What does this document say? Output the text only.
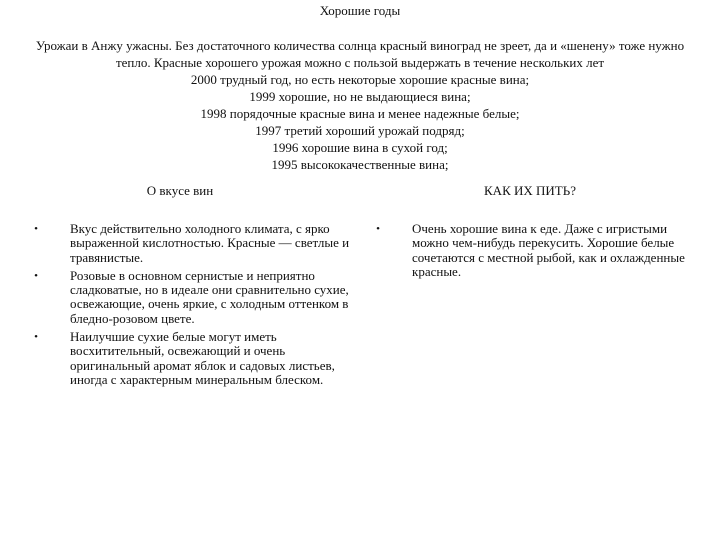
Хорошие годы

Урожаи в Анжу ужасны. Без достаточного количества солнца красный виноград не зреет, да и «шенену» тоже нужно тепло. Красные хорошего урожая можно с пользой выдержать в течение нескольких лет

2000 трудный год, но есть некоторые хорошие красные вина;

1999 хорошие, но не выдающиеся вина;

1998 порядочные красные вина и менее надежные белые;

1997 третий хороший урожай подряд;

1996 хорошие вина в сухой год;

1995 высококачественные вина;

О вкусе вин	КАК ИХ ПИТЬ?
•	Вкус действительно холодного климата, с ярко выраженной кислотностью. Красные — светлые и травянистые.
•	Розовые в основном сернистые и неприятно сладковатые, но в идеале они сравнительно сухие, освежающие, очень яркие, с холодным оттенком в бледно-розовом цвете.
•	Наилучшие сухие белые могут иметь восхитительный, освежающий и очень оригинальный аромат яблок и садовых листьев, иногда с характерным минеральным блеском.
•	Очень хорошие вина к еде. Даже с игристыми можно чем-нибудь перекусить. Хорошие белые сочетаются с местной рыбой, как и охлажденные красные.
